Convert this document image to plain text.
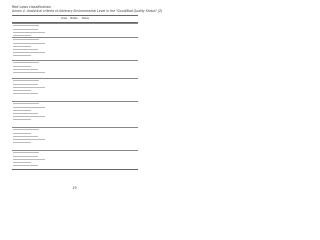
Red Lows classification
Annex 4. Analytical criteria of Arbitrary Environmental Level in the "Good/Bad Quality Status" (2)
Class Stable Notes
19
